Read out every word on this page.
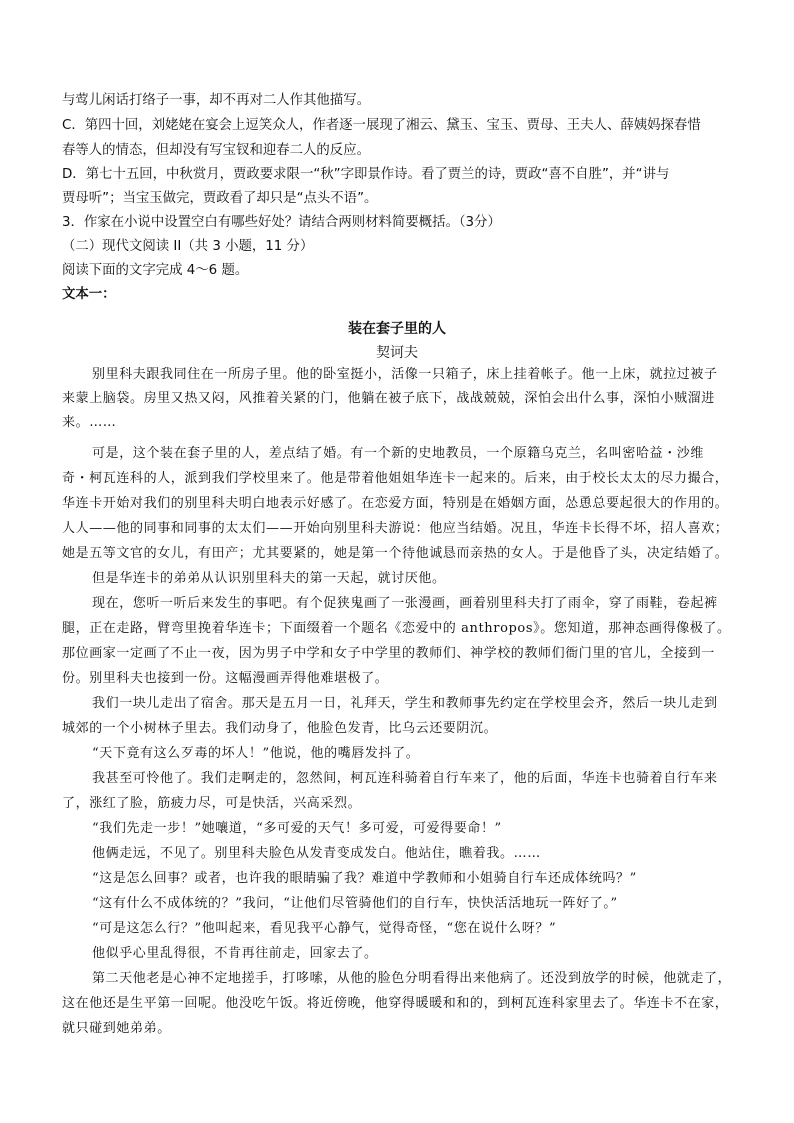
与莺儿闲话打络子一事，却不再对二人作其他描写。
C．第四十回，刘姥姥在宴会上逗笑众人，作者逐一展现了湘云、黛玉、宝玉、贾母、王夫人、薛姨妈探春惜
春等人的情态，但却没有写宝钗和迎春二人的反应。
D．第七十五回，中秋赏月，贾政要求限一“秋”字即景作诗。看了贾兰的诗，贾政“喜不自胜”，并“讲与
贾母听”；当宝玉做完，贾政看了却只是“点头不语”。
3．作家在小说中设置空白有哪些好处？请结合两则材料简要概括。（3分）
（二）现代文阅读 II（共 3 小题，11 分）
阅读下面的文字完成 4～6 题。
文本一：
装在套子里的人
契诃夫
别里科夫跟我同住在一所房子里。他的卧室挺小，活像一只箱子，床上挂着帐子。他一上床，就拉过被子
来蒙上脑袋。房里又热又闷，风推着关紧的门，他躺在被子底下，战战兢兢，深怕会出什么事，深怕小贼溜进
来。……
可是，这个装在套子里的人，差点结了婚。有一个新的史地教员，一个原籍乌克兰，名叫密哈益・沙维
奇・柯瓦连科的人，派到我们学校里来了。他是带着他姐姐华连卡一起来的。后来，由于校长太太的尽力撮合，
华连卡开始对我们的别里科夫明白地表示好感了。在恋爱方面，特别是在婚姻方面，怂恿总要起很大的作用的。
人人——他的同事和同事的太太们——开始向别里科夫游说：他应当结婚。况且，华连卡长得不坏，招人喜欢；
她是五等文官的女儿，有田产；尤其要紧的，她是第一个待他诚恳而亲热的女人。于是他昏了头，决定结婚了。
但是华连卡的弟弟从认识别里科夫的第一天起，就讨厌他。
现在，您听一听后来发生的事吧。有个促狭鬼画了一张漫画，画着别里科夫打了雨伞，穿了雨鞋，卷起裤
腿，正在走路，臂弯里挽着华连卡；下面缀着一个题名《恋爱中的 anthropos》。您知道，那神态画得像极了。
那位画家一定画了不止一夜，因为男子中学和女子中学里的教师们、神学校的教师们衙门里的官儿，全接到一
份。别里科夫也接到一份。这幅漫画弄得他难堪极了。
我们一块儿走出了宿舍。那天是五月一日，礼拜天，学生和教师事先约定在学校里会齐，然后一块儿走到
城郊的一个小树林子里去。我们动身了，他脸色发青，比乌云还要阴沉。
“天下竟有这么歹毒的坏人！”他说，他的嘴唇发抖了。
我甚至可怜他了。我们走啊走的，忽然间，柯瓦连科骑着自行车来了，他的后面，华连卡也骑着自行车来
了，涨红了脸，筋疲力尽，可是快活，兴高采烈。
“我们先走一步！”她嚷道，“多可爱的天气！多可爱，可爱得要命！”
他俩走远，不见了。别里科夫脸色从发青变成发白。他站住，瞧着我。……
“这是怎么回事？或者，也许我的眼睛骗了我？难道中学教师和小姐骑自行车还成体统吗？”
“这有什么不成体统的？”我问，“让他们尽管骑他们的自行车，快快活活地玩一阵好了。”
“可是这怎么行？”他叫起来，看见我平心静气，觉得奇怪，“您在说什么呀？”
他似乎心里乱得很，不肯再往前走，回家去了。
第二天他老是心神不定地搓手，打哆嗦，从他的脸色分明看得出来他病了。还没到放学的时候，他就走了，
这在他还是生平第一回呢。他没吃午饭。将近傍晚，他穿得暖暖和和的，到柯瓦连科家里去了。华连卡不在家，
就只碰到她弟弟。
